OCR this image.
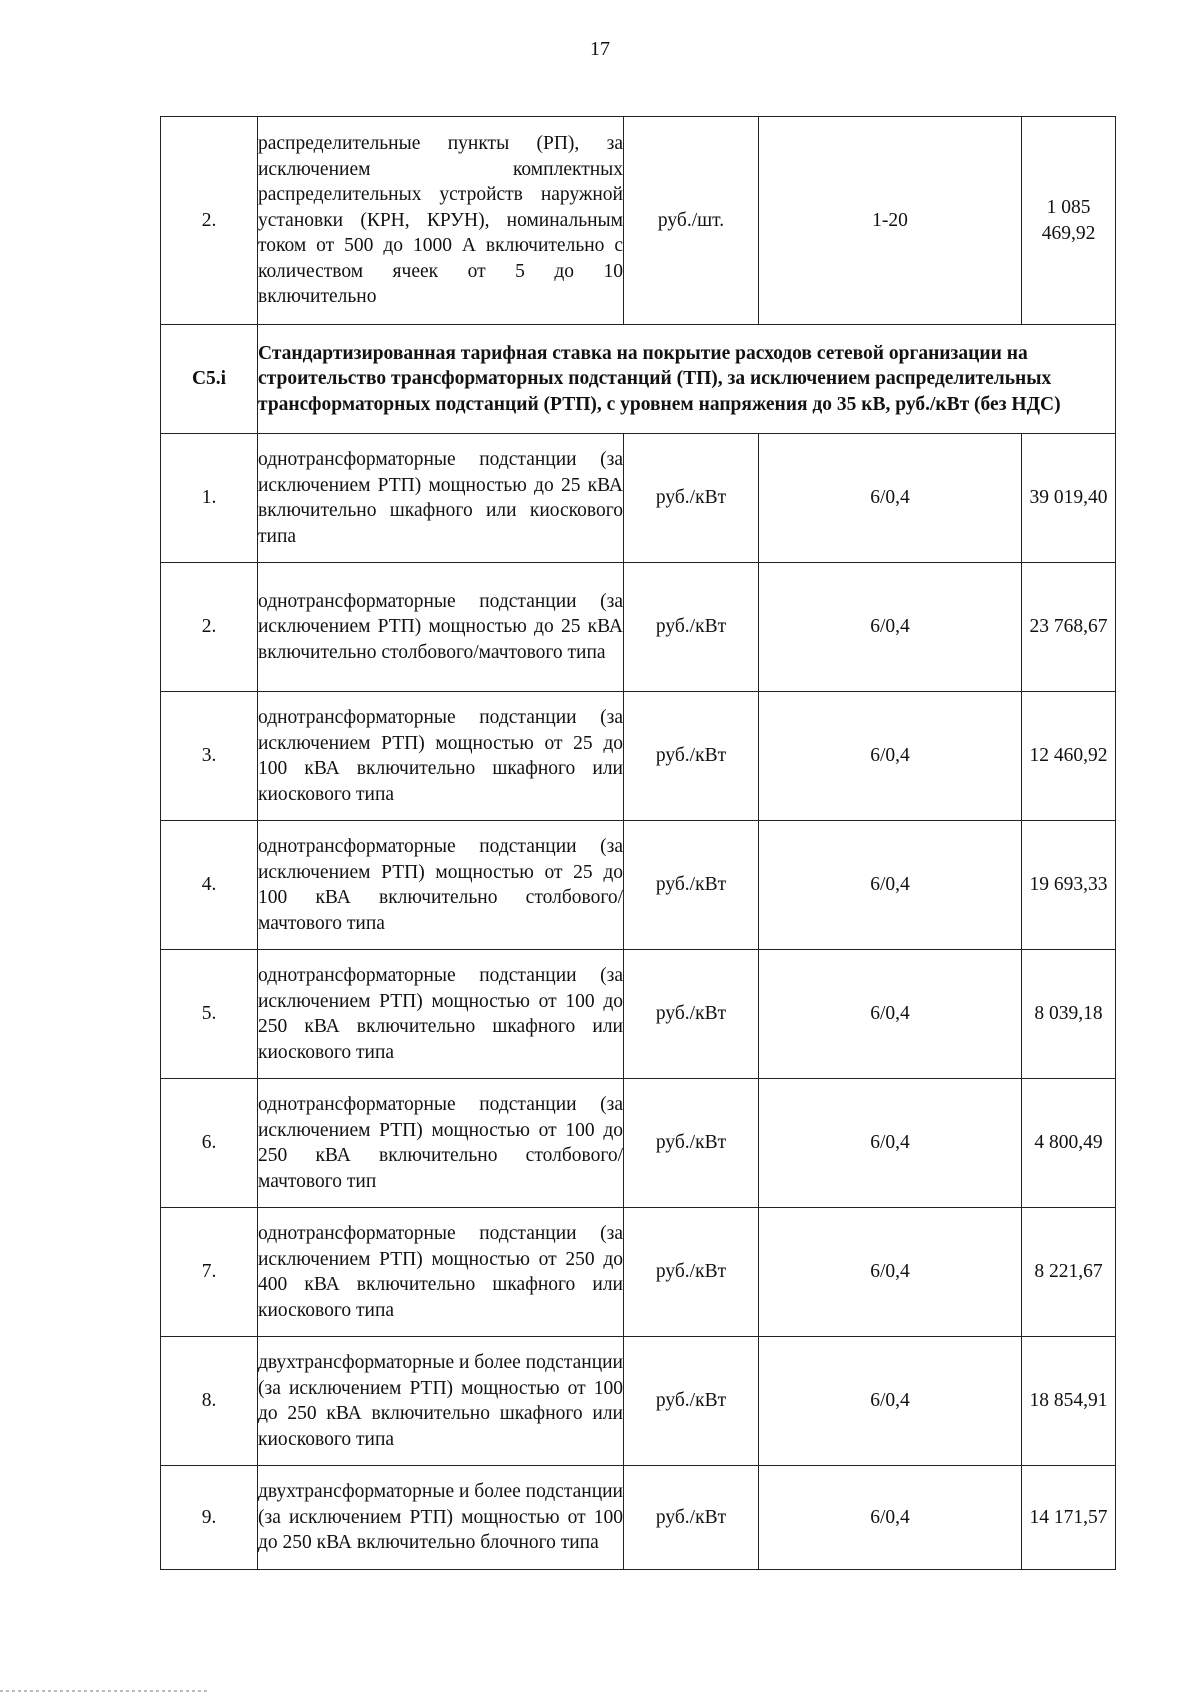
17
2.	распределительные пункты (РП), за исключением комплектных распределительных устройств наружной установки (КРН, КРУН), номинальным током от 500 до 1000 А включительно с количеством ячеек от 5 до 10 включительно	руб./шт.	1-20	1 085 469,92
С5.i	Стандартизированная тарифная ставка на покрытие расходов сетевой организации на строительство трансформаторных подстанций (ТП), за исключением распределительных трансформаторных подстанций (РТП), с уровнем напряжения до 35 кВ, руб./кВт (без НДС)			
1.	однотрансформаторные подстанции (за исключением РТП) мощностью до 25 кВА включительно шкафного или киоскового типа	руб./кВт	6/0,4	39 019,40
2.	однотрансформаторные подстанции (за исключением РТП) мощностью до 25 кВА включительно столбового/мачтового типа	руб./кВт	6/0,4	23 768,67
3.	однотрансформаторные подстанции (за исключением РТП) мощностью от 25 до 100 кВА включительно шкафного или киоскового типа	руб./кВт	6/0,4	12 460,92
4.	однотрансформаторные подстанции (за исключением РТП) мощностью от 25 до 100 кВА включительно столбового/мачтового типа	руб./кВт	6/0,4	19 693,33
5.	однотрансформаторные подстанции (за исключением РТП) мощностью от 100 до 250 кВА включительно шкафного или киоскового типа	руб./кВт	6/0,4	8 039,18
6.	однотрансформаторные подстанции (за исключением РТП) мощностью от 100 до 250 кВА включительно столбового/мачтового тип	руб./кВт	6/0,4	4 800,49
7.	однотрансформаторные подстанции (за исключением РТП) мощностью от 250 до 400 кВА включительно шкафного или киоскового типа	руб./кВт	6/0,4	8 221,67
8.	двухтрансформаторные и более подстанции (за исключением РТП) мощностью от 100 до 250 кВА включительно шкафного или киоскового типа	руб./кВт	6/0,4	18 854,91
9.	двухтрансформаторные и более подстанции (за исключением РТП) мощностью от 100 до 250 кВА включительно блочного типа	руб./кВт	6/0,4	14 171,57
